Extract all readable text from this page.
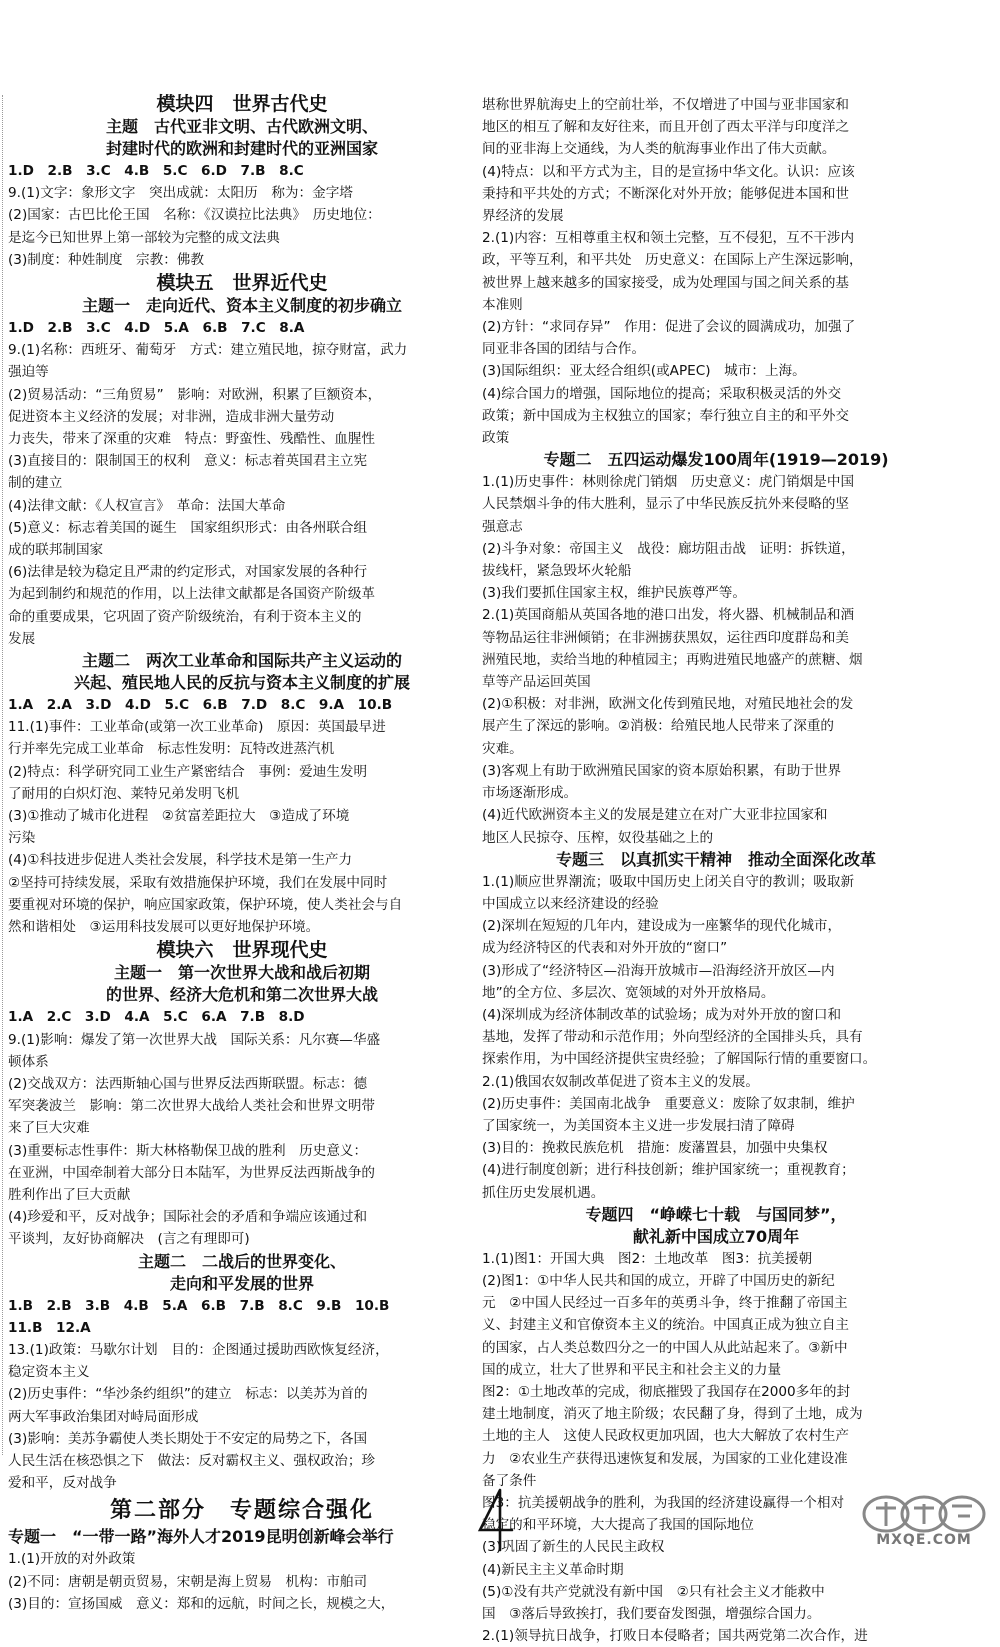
模块四　世界古代史
主题　古代亚非文明、古代欧洲文明、
封建时代的欧洲和封建时代的亚洲国家
1.D　2.B　3.C　4.B　5.C　6.D　7.B　8.C
9.(1)文字：象形文字　突出成就：太阳历　称为：金字塔
(2)国家：古巴比伦王国　名称：《汉谟拉比法典》　历史地位：
是迄今已知世界上第一部较为完整的成文法典
(3)制度：种姓制度　宗教：佛教
模块五　世界近代史
主题一　走向近代、资本主义制度的初步确立
1.D　2.B　3.C　4.D　5.A　6.B　7.C　8.A
9.(1)名称：西班牙、葡萄牙　方式：建立殖民地，掠夺财富，武力
强迫等
(2)贸易活动：“三角贸易”　影响：对欧洲，积累了巨额资本，
促进资本主义经济的发展；对非洲，造成非洲大量劳动
力丧失，带来了深重的灾难　特点：野蛮性、残酷性、血腥性
(3)直接目的：限制国王的权利　意义：标志着英国君主立宪
制的建立
(4)法律文献：《人权宣言》　革命：法国大革命
(5)意义：标志着美国的诞生　国家组织形式：由各州联合组
成的联邦制国家
(6)法律是较为稳定且严肃的约定形式，对国家发展的各种行
为起到制约和规范的作用，以上法律文献都是各国资产阶级革
命的重要成果，它巩固了资产阶级统治，有利于资本主义的
发展
主题二　两次工业革命和国际共产主义运动的
兴起、殖民地人民的反抗与资本主义制度的扩展
1.A　2.A　3.D　4.D　5.C　6.B　7.D　8.C　9.A　10.B
11.(1)事件：工业革命(或第一次工业革命)　原因：英国最早进
行并率先完成工业革命　标志性发明：瓦特改进蒸汽机
(2)特点：科学研究同工业生产紧密结合　事例：爱迪生发明
了耐用的白炽灯泡、莱特兄弟发明飞机
(3)①推动了城市化进程　②贫富差距拉大　③造成了环境
污染
(4)①科技进步促进人类社会发展，科学技术是第一生产力
②坚持可持续发展，采取有效措施保护环境，我们在发展中同时
要重视对环境的保护，响应国家政策，保护环境，使人类社会与自
然和谐相处　③运用科技发展可以更好地保护环境。
模块六　世界现代史
主题一　第一次世界大战和战后初期
的世界、经济大危机和第二次世界大战
1.A　2.C　3.D　4.A　5.C　6.A　7.B　8.D
9.(1)影响：爆发了第一次世界大战　国际关系：凡尔赛—华盛
顿体系
(2)交战双方：法西斯轴心国与世界反法西斯联盟。标志：德
军突袭波兰　影响：第二次世界大战给人类社会和世界文明带
来了巨大灾难
(3)重要标志性事件：斯大林格勒保卫战的胜利　历史意义：
在亚洲，中国牵制着大部分日本陆军，为世界反法西斯战争的
胜利作出了巨大贡献
(4)珍爱和平，反对战争；国际社会的矛盾和争端应该通过和
平谈判，友好协商解决　(言之有理即可)
主题二　二战后的世界变化、
走向和平发展的世界
1.B　2.B　3.B　4.B　5.A　6.B　7.B　8.C　9.B　10.B
11.B　12.A
13.(1)政策：马歇尔计划　目的：企图通过援助西欧恢复经济，
稳定资本主义
(2)历史事件：“华沙条约组织”的建立　标志：以美苏为首的
两大军事政治集团对峙局面形成
(3)影响：美苏争霸使人类长期处于不安定的局势之下，各国
人民生活在核恐惧之下　做法：反对霸权主义、强权政治；珍
爱和平，反对战争
第二部分　专题综合强化
专题一　“一带一路”海外人才2019昆明创新峰会举行
1.(1)开放的对外政策
(2)不同：唐朝是朝贡贸易，宋朝是海上贸易　机构：市舶司
(3)目的：宣扬国威　意义：郑和的远航，时间之长，规模之大，
堪称世界航海史上的空前壮举，不仅增进了中国与亚非国家和
地区的相互了解和友好往来，而且开创了西太平洋与印度洋之
间的亚非海上交通线，为人类的航海事业作出了伟大贡献。
(4)特点：以和平方式为主，目的是宣扬中华文化。认识：应该
秉持和平共处的方式；不断深化对外开放；能够促进本国和世
界经济的发展
2.(1)内容：互相尊重主权和领土完整，互不侵犯，互不干涉内
政，平等互利，和平共处　历史意义：在国际上产生深远影响，
被世界上越来越多的国家接受，成为处理国与国之间关系的基
本准则
(2)方针：“求同存异”　作用：促进了会议的圆满成功，加强了
同亚非各国的团结与合作。
(3)国际组织：亚太经合组织(或APEC)　城市：上海。
(4)综合国力的增强，国际地位的提高；采取积极灵活的外交
政策；新中国成为主权独立的国家；奉行独立自主的和平外交
政策
专题二　五四运动爆发100周年(1919—2019)
1.(1)历史事件：林则徐虎门销烟　历史意义：虎门销烟是中国
人民禁烟斗争的伟大胜利，显示了中华民族反抗外来侵略的坚
强意志
(2)斗争对象：帝国主义　战役：廊坊阻击战　证明：拆铁道，
拔线杆，紧急毁坏火轮船
(3)我们要抓住国家主权，维护民族尊严等。
2.(1)英国商船从英国各地的港口出发，将火器、机械制品和酒
等物品运往非洲倾销；在非洲掳获黑奴，运往西印度群岛和美
洲殖民地，卖给当地的种植园主；再购进殖民地盛产的蔗糖、烟
草等产品运回英国
(2)①积极：对非洲，欧洲文化传到殖民地，对殖民地社会的发
展产生了深远的影响。②消极：给殖民地人民带来了深重的
灾难。
(3)客观上有助于欧洲殖民国家的资本原始积累，有助于世界
市场逐渐形成。
(4)近代欧洲资本主义的发展是建立在对广大亚非拉国家和
地区人民掠夺、压榨，奴役基础之上的
专题三　以真抓实干精神　推动全面深化改革
1.(1)顺应世界潮流；吸取中国历史上闭关自守的教训；吸取新
中国成立以来经济建设的经验
(2)深圳在短短的几年内，建设成为一座繁华的现代化城市，
成为经济特区的代表和对外开放的“窗口”
(3)形成了“经济特区—沿海开放城市—沿海经济开放区—内
地”的全方位、多层次、宽领域的对外开放格局。
(4)深圳成为经济体制改革的试验场；成为对外开放的窗口和
基地，发挥了带动和示范作用；外向型经济的全国排头兵，具有
探索作用，为中国经济提供宝贵经验；了解国际行情的重要窗口。
2.(1)俄国农奴制改革促进了资本主义的发展。
(2)历史事件：美国南北战争　重要意义：废除了奴隶制，维护
了国家统一，为美国资本主义进一步发展扫清了障碍
(3)目的：挽救民族危机　措施：废藩置县，加强中央集权
(4)进行制度创新；进行科技创新；维护国家统一；重视教育；
抓住历史发展机遇。
专题四　“峥嵘七十载　与国同梦”，
献礼新中国成立70周年
1.(1)图1：开国大典　图2：土地改革　图3：抗美援朝
(2)图1：①中华人民共和国的成立，开辟了中国历史的新纪
元　②中国人民经过一百多年的英勇斗争，终于推翻了帝国主
义、封建主义和官僚资本主义的统治。中国真正成为独立自主
的国家，占人类总数四分之一的中国人从此站起来了。③新中
国的成立，壮大了世界和平民主和社会主义的力量
图2：①土地改革的完成，彻底摧毁了我国存在2000多年的封
建土地制度，消灭了地主阶级；农民翻了身，得到了土地，成为
土地的主人　这使人民政权更加巩固，也大大解放了农村生产
力　②农业生产获得迅速恢复和发展，为国家的工业化建设准
备了条件
图3：抗美援朝战争的胜利，为我国的经济建设赢得一个相对
稳定的和平环境，大大提高了我国的国际地位
(3)巩固了新生的人民民主政权
(4)新民主主义革命时期
(5)①没有共产党就没有新中国　②只有社会主义才能救中
国　③落后导致挨打，我们要奋发图强，增强综合国力。
2.(1)领导抗日战争，打败日本侵略者；国共两党第二次合作，进
MXQE.COM
